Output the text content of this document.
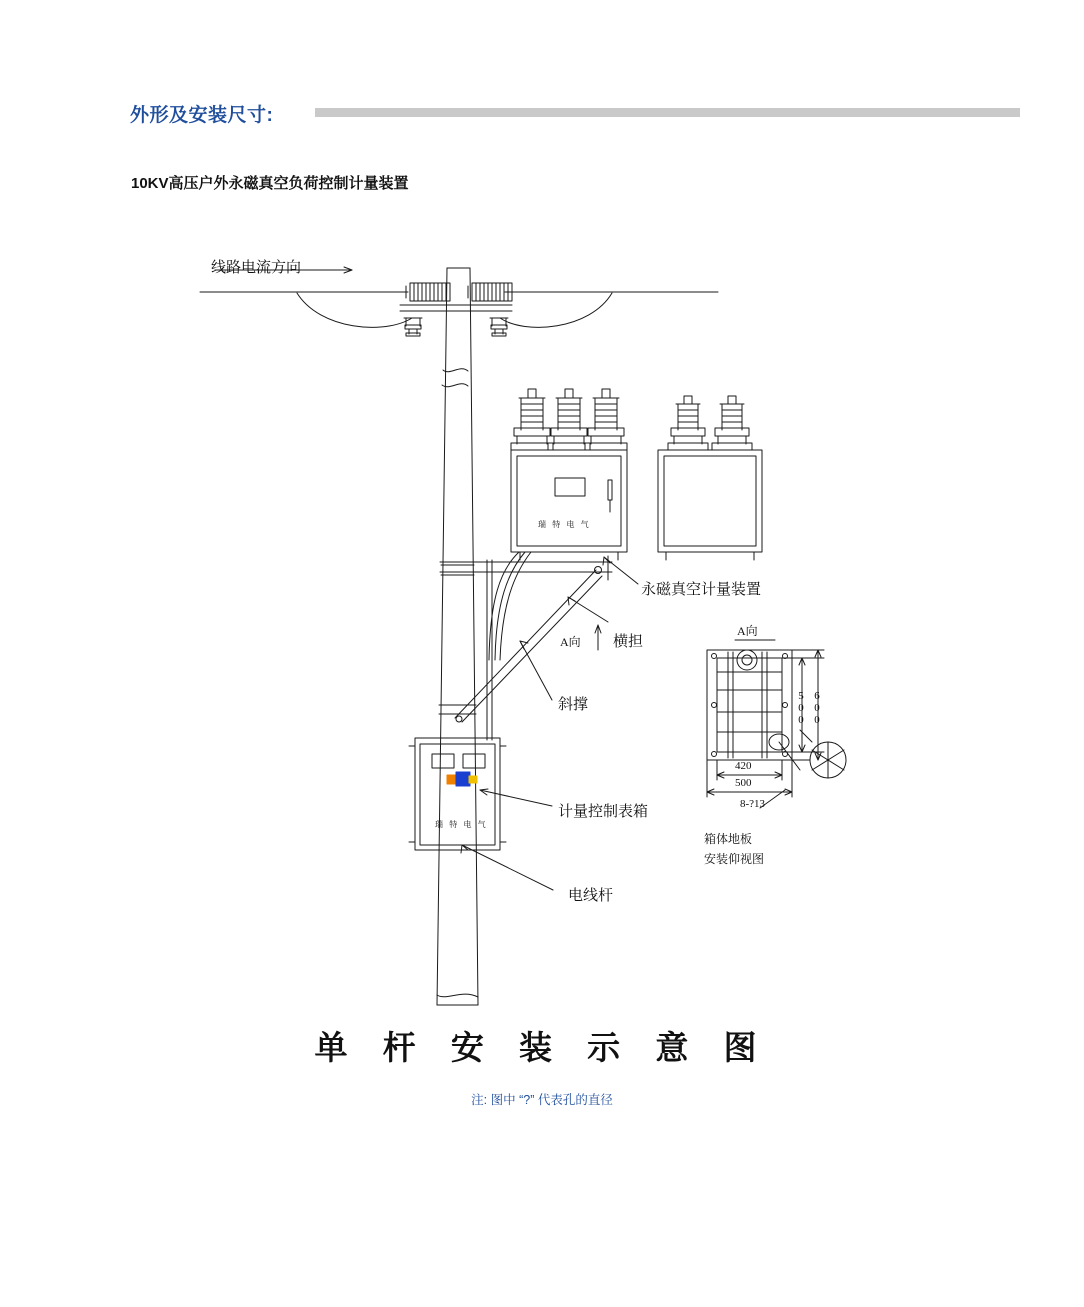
外形及安装尺寸:
10KV高压户外永磁真空负荷控制计量装置
线路电流方向
瑞 特 电 气
永磁真空计量装置
横担
A向
斜撑
瑞 特 电 气
计量控制表箱
电线杆
A向
500 600
420
500
8-?13
箱体地板
安装仰视图
单 杆 安 装 示 意 图
注: 图中 “?” 代表孔的直径
